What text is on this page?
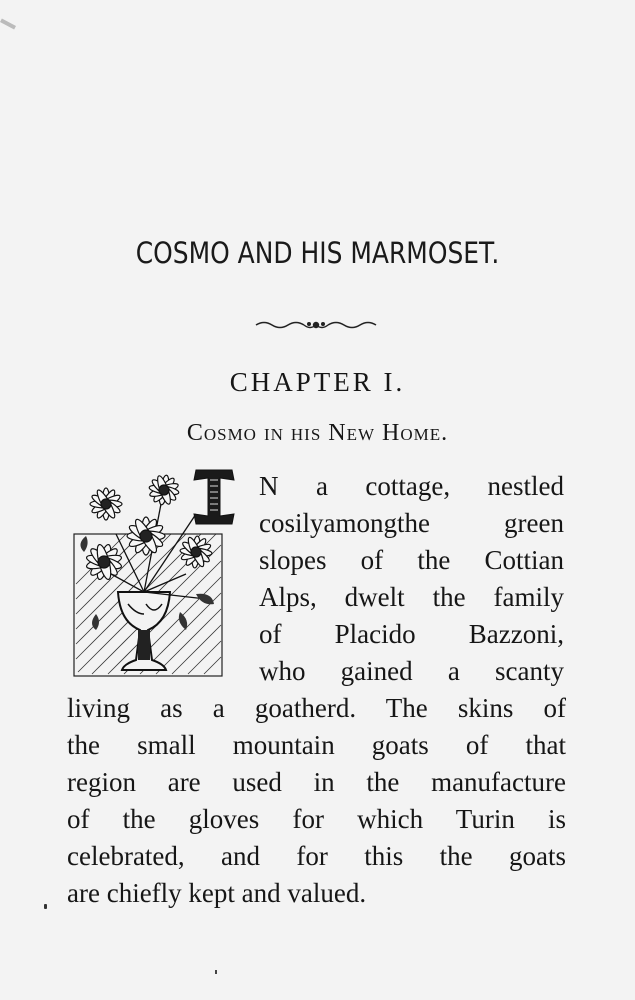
COSMO AND HIS MARMOSET.
CHAPTER I.
Cosmo in his New Home.
I
N a cottage, nestled
cosilyamongthe green
slopes of the Cottian
Alps, dwelt the family
of Placido Bazzoni,
who gained a scanty
living as a goatherd. The skins of
the small mountain goats of that
region are used in the manufacture
of the gloves for which Turin is
celebrated, and for this the goats
are chiefly kept and valued.
